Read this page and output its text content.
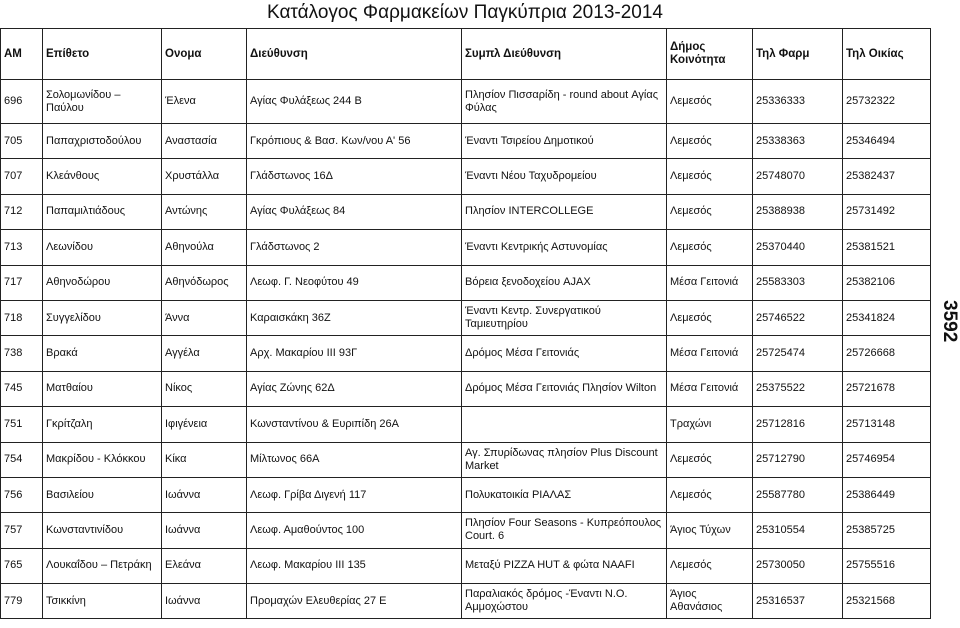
Κατάλογος Φαρμακείων Παγκύπρια 2013-2014
AM	Επίθετο	Ονομα	Διεύθυνση	Συμπλ Διεύθυνση	Δήμος Κοινότητα	Τηλ Φαρμ	Τηλ Οικίας
696	Σολομωνίδου – Παύλου	Έλενα	Αγίας Φυλάξεως 244 Β	Πλησίον Πισσαρίδη - round about Αγίας Φύλας	Λεμεσός	25336333	25732322
705	Παπαχριστοδούλου	Αναστασία	Γκρόπιους & Βασ. Κων/νου Α' 56	Έναντι Τσιρείου Δημοτικού	Λεμεσός	25338363	25346494
707	Κλεάνθους	Χρυστάλλα	Γλάδστωνος 16Δ	Έναντι Νέου Ταχυδρομείου	Λεμεσός	25748070	25382437
712	Παπαμιλτιάδους	Αντώνης	Αγίας Φυλάξεως 84	Πλησίον INTERCOLLEGE	Λεμεσός	25388938	25731492
713	Λεωνίδου	Αθηνούλα	Γλάδστωνος 2	Έναντι Κεντρικής Αστυνομίας	Λεμεσός	25370440	25381521
717	Αθηνοδώρου	Αθηνόδωρος	Λεωφ. Γ. Νεοφύτου 49	Βόρεια ξενοδοχείου AJAX	Μέσα Γειτονιά	25583303	25382106
718	Συγγελίδου	Άννα	Καραισκάκη 36Ζ	Έναντι Κεντρ. Συνεργατικού Ταμιευτηρίου	Λεμεσός	25746522	25341824
738	Βρακά	Αγγέλα	Αρχ. Μακαρίου ΙΙΙ 93Γ	Δρόμος Μέσα Γειτονιάς	Μέσα Γειτονιά	25725474	25726668
745	Ματθαίου	Νίκος	Αγίας Ζώνης 62Δ	Δρόμος Μέσα Γειτονιάς Πλησίον Wilton	Μέσα Γειτονιά	25375522	25721678
751	Γκρίτζαλη	Ιφιγένεια	Κωνσταντίνου & Ευριπίδη 26Α		Τραχώνι	25712816	25713148
754	Μακρίδου - Κλόκκου	Κίκα	Μίλτωνος 66Α	Αγ. Σπυρίδωνας πλησίον Plus Discount Market	Λεμεσός	25712790	25746954
756	Βασιλείου	Ιωάννα	Λεωφ. Γρίβα Διγενή 117	Πολυκατοικία ΡΙΑΛΑΣ	Λεμεσός	25587780	25386449
757	Κωνσταντινίδου	Ιωάννα	Λεωφ. Αμαθούντος 100	Πλησίον Four Seasons - Κυπρεόπουλος Court. 6	Άγιος Τύχων	25310554	25385725
765	Λουκαΐδου – Πετράκη	Ελεάνα	Λεωφ. Μακαρίου ΙΙΙ 135	Μεταξύ PIZZA HUT & φώτα NAAFI	Λεμεσός	25730050	25755516
779	Τσικκίνη	Ιωάννα	Προμαχών Ελευθερίας 27 Ε	Παραλιακός δρόμος -Έναντι Ν.Ο. Αμμοχώστου	Άγιος Αθανάσιος	25316537	25321568
3592
